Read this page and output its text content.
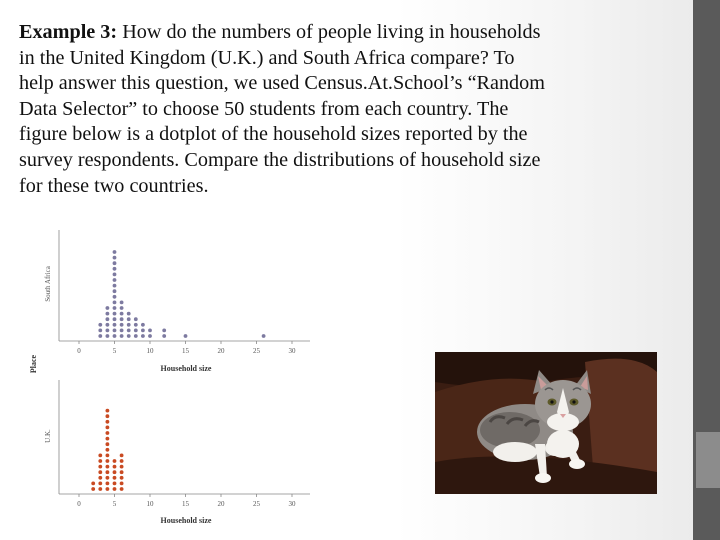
Example 3: How do the numbers of people living in households
in the United Kingdom (U.K.) and South Africa compare? To
help answer this question, we used Census.At.School’s “Random
Data Selector” to choose 50 students from each country. The
figure below is a dotplot of the household sizes reported by the
survey respondents. Compare the distributions of household size
for these two countries.
Place
South Africa
U.K.
0	5	10	15	20	25	30
0	5	10	15	20	25	30
Household size
Household size
